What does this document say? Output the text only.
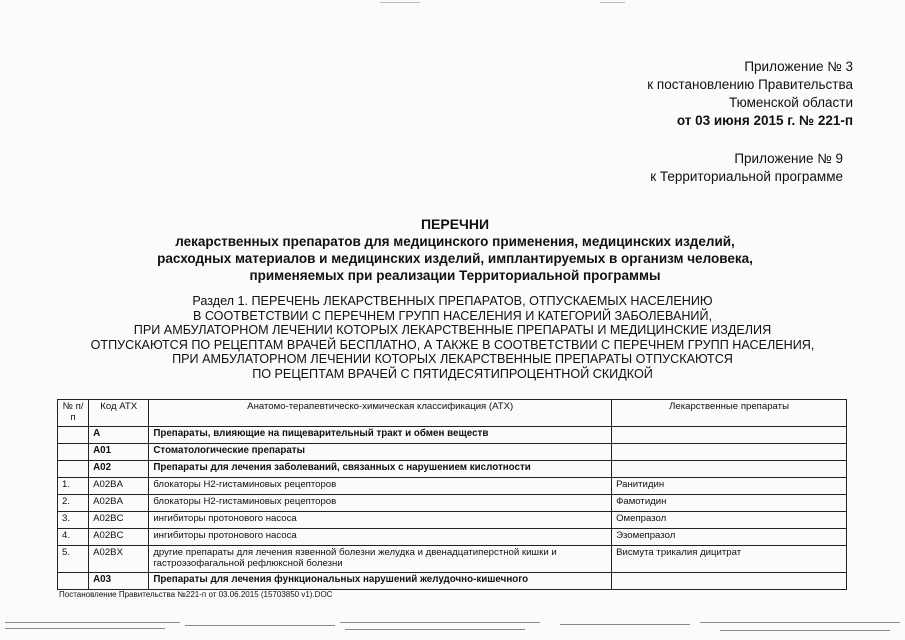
Приложение № 3
к постановлению Правительства
Тюменской области
от 03 июня 2015 г. № 221-п
Приложение № 9
к Территориальной программе
ПЕРЕЧНИ
лекарственных препаратов для медицинского применения, медицинских изделий,
расходных материалов и медицинских изделий, имплантируемых в организм человека,
применяемых при реализации Территориальной программы
Раздел 1. ПЕРЕЧЕНЬ ЛЕКАРСТВЕННЫХ ПРЕПАРАТОВ, ОТПУСКАЕМЫХ НАСЕЛЕНИЮ
В СООТВЕТСТВИИ С ПЕРЕЧНЕМ ГРУПП НАСЕЛЕНИЯ И КАТЕГОРИЙ ЗАБОЛЕВАНИЙ,
ПРИ АМБУЛАТОРНОМ ЛЕЧЕНИИ КОТОРЫХ ЛЕКАРСТВЕННЫЕ ПРЕПАРАТЫ И МЕДИЦИНСКИЕ ИЗДЕЛИЯ
ОТПУСКАЮТСЯ ПО РЕЦЕПТАМ ВРАЧЕЙ БЕСПЛАТНО, А ТАКЖЕ В СООТВЕТСТВИИ С ПЕРЕЧНЕМ ГРУПП НАСЕЛЕНИЯ,
ПРИ АМБУЛАТОРНОМ ЛЕЧЕНИИ КОТОРЫХ ЛЕКАРСТВЕННЫЕ ПРЕПАРАТЫ ОТПУСКАЮТСЯ
ПО РЕЦЕПТАМ ВРАЧЕЙ С ПЯТИДЕСЯТИПРОЦЕНТНОЙ СКИДКОЙ
№ п/п	Код АТХ	Анатомо-терапевтическо-химическая классификация (АТХ)	Лекарственные препараты
	A	Препараты, влияющие на пищеварительный тракт и обмен веществ	
	A01	Стоматологические препараты	
	A02	Препараты для лечения заболеваний, связанных с нарушением кислотности	
1.	A02BA	блокаторы H2-гистаминовых рецепторов	Ранитидин
2.	A02BA	блокаторы H2-гистаминовых рецепторов	Фамотидин
3.	A02BC	ингибиторы протонового насоса	Омепразол
4.	A02BC	ингибиторы протонового насоса	Эзомепразол
5.	A02BX	другие препараты для лечения язвенной болезни желудка и двенадцатиперстной кишки и гастроэзофагальной рефлюксной болезни	Висмута трикалия дицитрат
	A03	Препараты для лечения функциональных нарушений желудочно-кишечного	
Постановление Правительства №221-п от 03.06.2015 (15703850 v1).DOC
